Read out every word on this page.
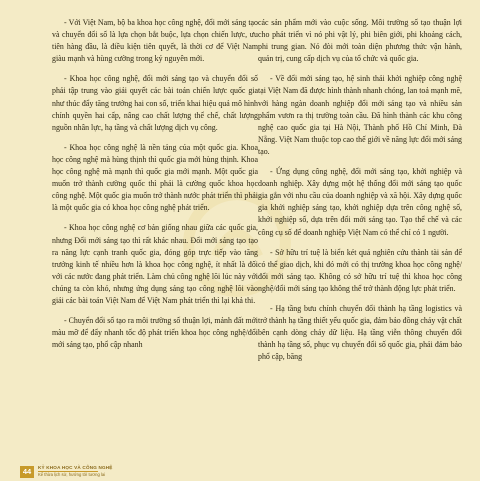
- Với Việt Nam, bộ ba khoa học công nghệ, đổi mới sáng tạo và chuyển đổi số là lựa chọn bắt buộc, lựa chọn chiến lược, ưu tiên hàng đầu, là điều kiện tiên quyết, là thời cơ để Việt Nam giàu mạnh và hùng cường trong kỷ nguyên mới.

- Khoa học công nghệ, đổi mới sáng tạo và chuyển đổi số phải tập trung vào giải quyết các bài toán chiến lược quốc gia như thúc đẩy tăng trưởng hai con số, triển khai hiệu quả mô hình chính quyền hai cấp, nâng cao chất lượng thể chế, chất lượng nguồn nhân lực, hạ tầng và chất lượng dịch vụ công.

- Khoa học công nghệ là nền tảng của một quốc gia. Khoa học công nghệ mà hùng thịnh thì quốc gia mới hùng thịnh. Khoa học công nghệ mà mạnh thì quốc gia mới mạnh. Một quốc gia muốn trở thành cường quốc thì phải là cường quốc khoa học công nghệ. Một quốc gia muốn trở thành nước phát triển thì phải là một quốc gia có khoa học công nghệ phát triển.

- Khoa học công nghệ cơ bản giống nhau giữa các quốc gia, nhưng Đổi mới sáng tạo thì rất khác nhau. Đổi mới sáng tạo tạo ra năng lực cạnh tranh quốc gia, đóng góp trực tiếp vào tăng trưởng kinh tế nhiều hơn là khoa học công nghệ, ít nhất là đối với các nước đang phát triển. Làm chủ công nghệ lõi lúc này với chúng ta còn khó, nhưng ứng dụng sáng tạo công nghệ lõi vào giải các bài toán Việt Nam để Việt Nam phát triển thì lại khả thi.

- Chuyển đổi số tạo ra môi trường số thuận lợi, mảnh đất mới màu mỡ để đẩy nhanh tốc độ phát triển khoa học công nghệ/đổi mới sáng tạo, phổ cập nhanh

các sản phẩm mới vào cuộc sống. Môi trường số tạo thuận lợi cho phát triển vì nó phi vật lý, phi biên giới, phi khoảng cách, phi trung gian. Nó đòi mới toàn diện phương thức vận hành, quản trị, cung cấp dịch vụ của tổ chức và quốc gia.

- Về đổi mới sáng tạo, hệ sinh thái khởi nghiệp công nghệ tại Việt Nam đã được hình thành nhanh chóng, lan toả mạnh mẽ, với hàng ngàn doanh nghiệp đổi mới sáng tạo và nhiều sản phẩm vươn ra thị trường toàn cầu. Đã hình thành các khu công nghệ cao quốc gia tại Hà Nội, Thành phố Hồ Chí Minh, Đà Nẵng. Việt Nam thuộc top cao thế giới về năng lực đổi mới sáng tạo.

- Ứng dụng công nghệ, đổi mới sáng tạo, khởi nghiệp và doanh nghiệp. Xây dựng một hệ thống đổi mới sáng tạo quốc gia gắn với nhu cầu của doanh nghiệp và xã hội. Xây dựng quốc gia khởi nghiệp sáng tạo, khởi nghiệp dựa trên công nghệ số, khởi nghiệp số, dựa trên đổi mới sáng tạo. Tạo thể chế và các công cụ số để doanh nghiệp Việt Nam có thể chỉ có 1 người.

- Sở hữu trí tuệ là biển két quả nghiên cứu thành tài sản để có thể giao dịch, khi đó mới có thị trường khoa học công nghệ/đổi mới sáng tạo. Không có sở hữu trí tuệ thì khoa học công nghệ/đổi mới sáng tạo không thể trở thành động lực phát triển.

- Hạ tầng bưu chính chuyển đổi thành hạ tầng logistics và trở thành hạ tầng thiết yếu quốc gia, đảm bảo đồng chảy vật chất bên cạnh dòng chảy dữ liệu. Hạ tầng viễn thông chuyển đổi thành hạ tầng số, phục vụ chuyển đổi số quốc gia, phải đảm bảo phổ cập, băng

44	KỶ KHOA HỌC VÀ CÔNG NGHỆ
Kể thừa lịch sử, hướng tới tương lai
